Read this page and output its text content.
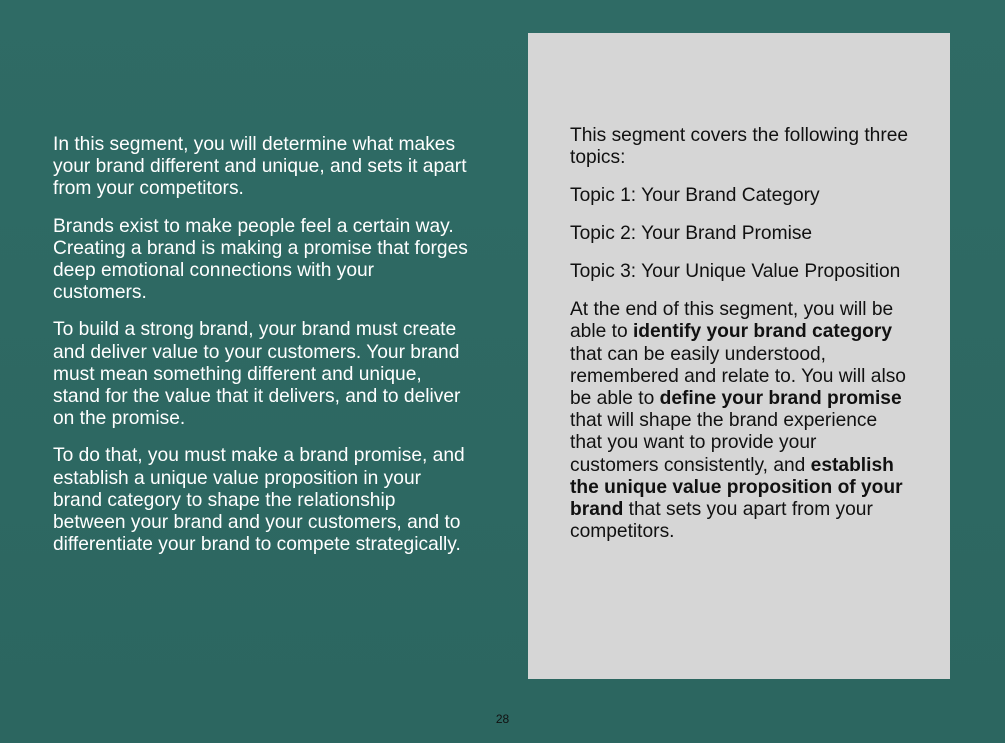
In this segment, you will determine what makes your brand different and unique, and sets it apart from your competitors.

Brands exist to make people feel a certain way. Creating a brand is making a promise that forges deep emotional connections with your customers.

To build a strong brand, your brand must create and deliver value to your customers. Your brand must mean something different and unique, stand for the value that it delivers, and to deliver on the promise.

To do that, you must make a brand promise, and establish a unique value proposition in your brand category to shape the relationship between your brand and your customers, and to differentiate your brand to compete strategically.

This segment covers the following three topics:

Topic 1: Your Brand Category

Topic 2: Your Brand Promise

Topic 3: Your Unique Value Proposition

At the end of this segment, you will be able to identify your brand category that can be easily understood, remembered and relate to. You will also be able to define your brand promise that will shape the brand experience that you want to provide your customers consistently, and establish the unique value proposition of your brand that sets you apart from your competitors.

28
